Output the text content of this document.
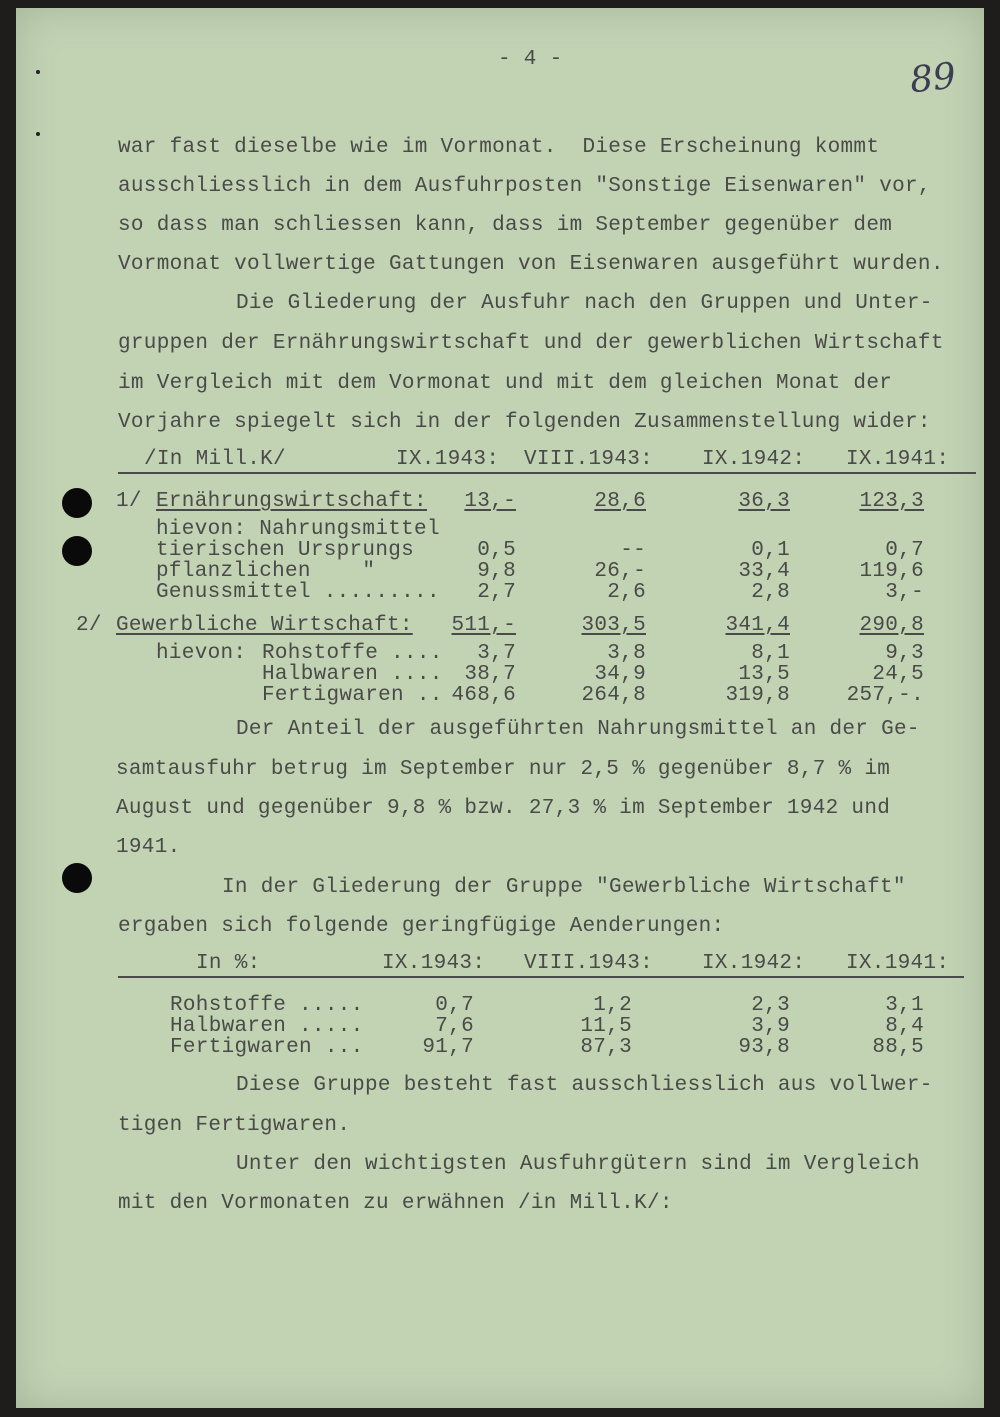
- 4 -	89
war fast dieselbe wie im Vormonat.  Diese Erscheinung kommt
ausschliesslich in dem Ausfuhrposten "Sonstige Eisenwaren" vor,
so dass man schliessen kann, dass im September gegenüber dem
Vormonat vollwertige Gattungen von Eisenwaren ausgeführt wurden.
Die Gliederung der Ausfuhr nach den Gruppen und Unter-
gruppen der Ernährungswirtschaft und der gewerblichen Wirtschaft
im Vergleich mit dem Vormonat und mit dem gleichen Monat der
Vorjahre spiegelt sich in der folgenden Zusammenstellung wider:
/In Mill.K/	IX.1943: VIII.1943: IX.1942: IX.1941:
1/ Ernährungswirtschaft:	13,-	28,6	36,3	123,3
hievon: Nahrungsmittel
tierischen Ursprungs	0,5	--	0,1	0,7
pflanzlichen    "	9,8	26,-	33,4	119,6
Genussmittel .........	2,7	2,6	2,8	3,-
2/ Gewerbliche Wirtschaft:	511,-	303,5	341,4	290,8
hievon: Rohstoffe ....	3,7	3,8	8,1	9,3
Halbwaren ....	38,7	34,9	13,5	24,5
Fertigwaren .. 468,6	264,8	319,8	257,-.
Der Anteil der ausgeführten Nahrungsmittel an der Ge-
samtausfuhr betrug im September nur 2,5 % gegenüber 8,7 % im
August und gegenüber 9,8 % bzw. 27,3 % im September 1942 und
1941.
In der Gliederung der Gruppe "Gewerbliche Wirtschaft"
ergaben sich folgende geringfügige Aenderungen:
In %:	IX.1943: VIII.1943: IX.1942: IX.1941:
Rohstoffe .....	0,7	1,2	2,3	3,1
Halbwaren .....	7,6	11,5	3,9	8,4
Fertigwaren ...	91,7	87,3	93,8	88,5
Diese Gruppe besteht fast ausschliesslich aus vollwer-
tigen Fertigwaren.
Unter den wichtigsten Ausfuhrgütern sind im Vergleich
mit den Vormonaten zu erwähnen /in Mill.K/:
